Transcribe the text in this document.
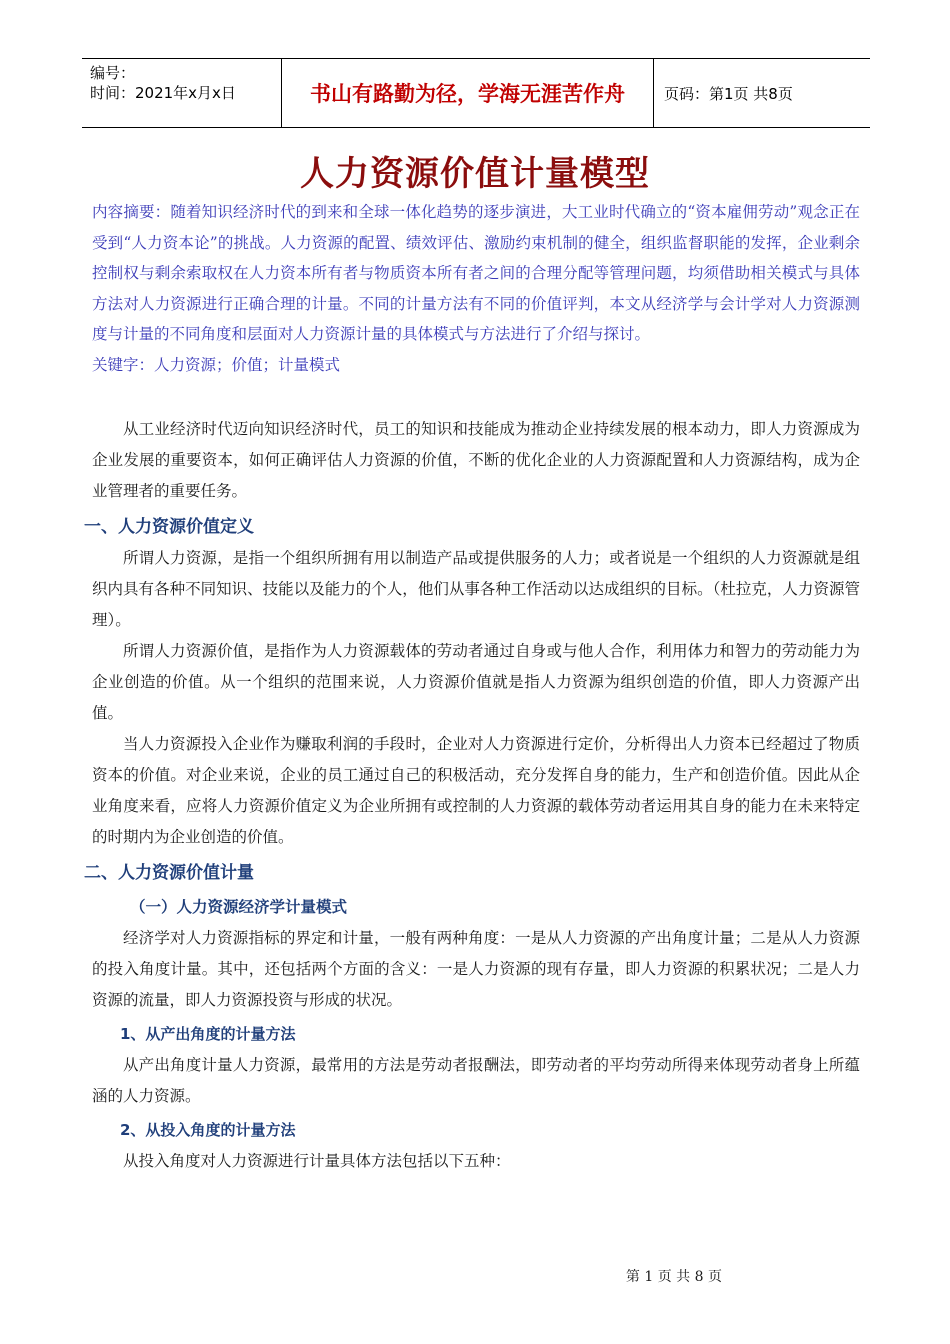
编号：
时间：2021年x月x日	书山有路勤为径，学海无涯苦作舟	页码：第1页 共8页
人力资源价值计量模型

内容摘要：随着知识经济时代的到来和全球一体化趋势的逐步演进，大工业时代确立的“资本雇佣劳动”观念正在受到“人力资本论”的挑战。人力资源的配置、绩效评估、激励约束机制的健全，组织监督职能的发挥，企业剩余控制权与剩余索取权在人力资本所有者与物质资本所有者之间的合理分配等管理问题，均须借助相关模式与具体方法对人力资源进行正确合理的计量。不同的计量方法有不同的价值评判，本文从经济学与会计学对人力资源测度与计量的不同角度和层面对人力资源计量的具体模式与方法进行了介绍与探讨。

关键字：人力资源；价值；计量模式

从工业经济时代迈向知识经济时代，员工的知识和技能成为推动企业持续发展的根本动力，即人力资源成为企业发展的重要资本，如何正确评估人力资源的价值，不断的优化企业的人力资源配置和人力资源结构，成为企业管理者的重要任务。

一、人力资源价值定义

所谓人力资源，是指一个组织所拥有用以制造产品或提供服务的人力；或者说是一个组织的人力资源就是组织内具有各种不同知识、技能以及能力的个人，他们从事各种工作活动以达成组织的目标。（杜拉克，人力资源管理）。

所谓人力资源价值，是指作为人力资源载体的劳动者通过自身或与他人合作，利用体力和智力的劳动能力为企业创造的价值。从一个组织的范围来说，人力资源价值就是指人力资源为组织创造的价值，即人力资源产出值。

当人力资源投入企业作为赚取利润的手段时，企业对人力资源进行定价，分析得出人力资本已经超过了物质资本的价值。对企业来说，企业的员工通过自己的积极活动，充分发挥自身的能力，生产和创造价值。因此从企业角度来看，应将人力资源价值定义为企业所拥有或控制的人力资源的载体劳动者运用其自身的能力在未来特定的时期内为企业创造的价值。

二、人力资源价值计量
（一）人力资源经济学计量模式

经济学对人力资源指标的界定和计量，一般有两种角度：一是从人力资源的产出角度计量；二是从人力资源的投入角度计量。其中，还包括两个方面的含义：一是人力资源的现有存量，即人力资源的积累状况；二是人力资源的流量，即人力资源投资与形成的状况。

1、从产出角度的计量方法

从产出角度计量人力资源，最常用的方法是劳动者报酬法，即劳动者的平均劳动所得来体现劳动者身上所蕴涵的人力资源。

2、从投入角度的计量方法

从投入角度对人力资源进行计量具体方法包括以下五种：

第 1 页 共 8 页
